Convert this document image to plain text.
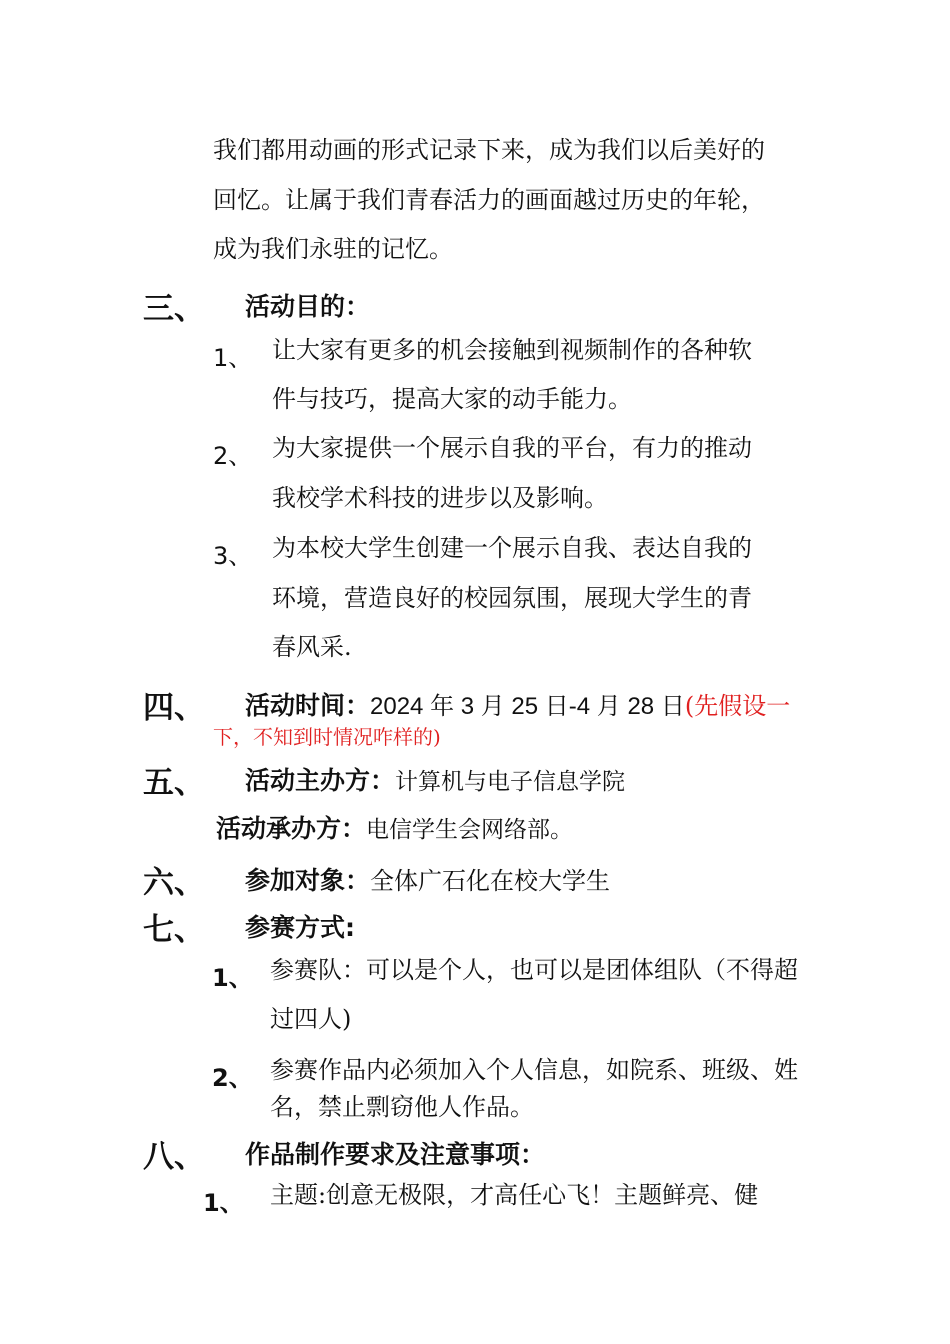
我们都用动画的形式记录下来，成为我们以后美好的
回忆。让属于我们青春活力的画面越过历史的年轮，
成为我们永驻的记忆。
三、 活动目的：
1、 让大家有更多的机会接触到视频制作的各种软
件与技巧，提高大家的动手能力。
2、 为大家提供一个展示自我的平台，有力的推动
我校学术科技的进步以及影响。
3、 为本校大学生创建一个展示自我、表达自我的
环境，营造良好的校园氛围，展现大学生的青
春风采.
四、 活动时间：2024 年 3 月 25 日-4 月 28 日(先假设一
下，不知到时情况咋样的)
五、 活动主办方：计算机与电子信息学院
活动承办方：电信学生会网络部。
六、 参加对象：全体广石化在校大学生
七、 参赛方式:
1、 参赛队：可以是个人，也可以是团体组队（不得超
过四人)
2、 参赛作品内必须加入个人信息，如院系、班级、姓
名，禁止剽窃他人作品。
八、 作品制作要求及注意事项：
1、 主题:创意无极限，才高任心飞！主题鲜亮、健
